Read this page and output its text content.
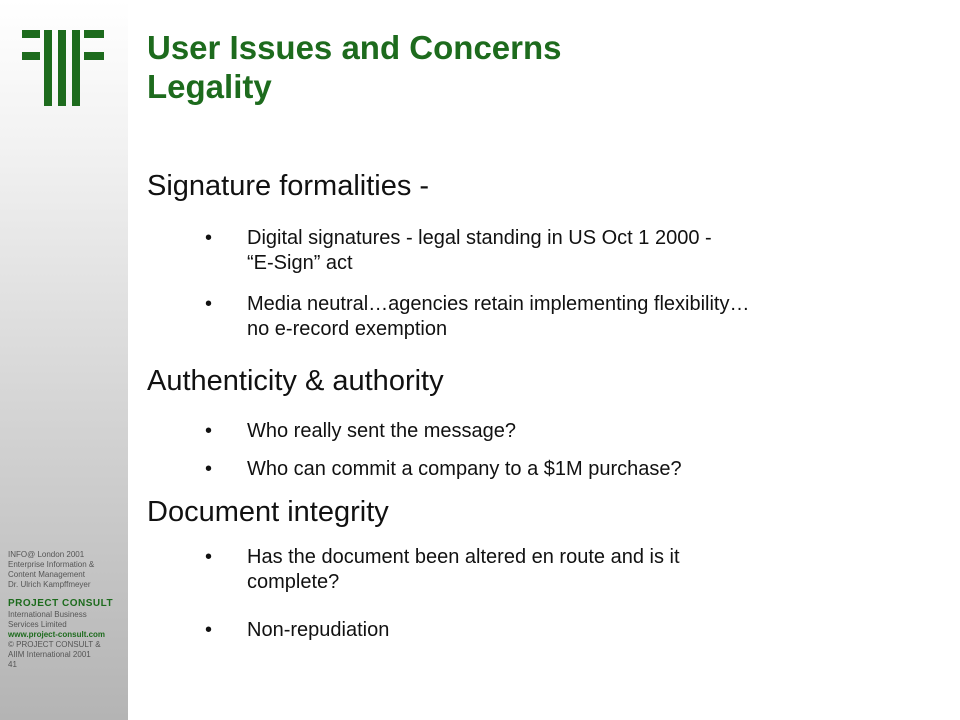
INFO@ London 2001
Enterprise Information &
Content Management
Dr. Ulrich Kampffmeyer
PROJECT CONSULT
International Business
Services Limited
www.project-consult.com
© PROJECT CONSULT &
AIIM International 2001
41
User Issues and Concerns
Legality
Signature formalities -
• Digital signatures - legal standing in US Oct 1 2000 -
“E-Sign” act
• Media neutral…agencies retain implementing flexibility…
no e-record exemption
Authenticity & authority
• Who really sent the message?
• Who can commit a company to a $1M purchase?
Document integrity
• Has the document been altered en route and is it
complete?
• Non-repudiation
